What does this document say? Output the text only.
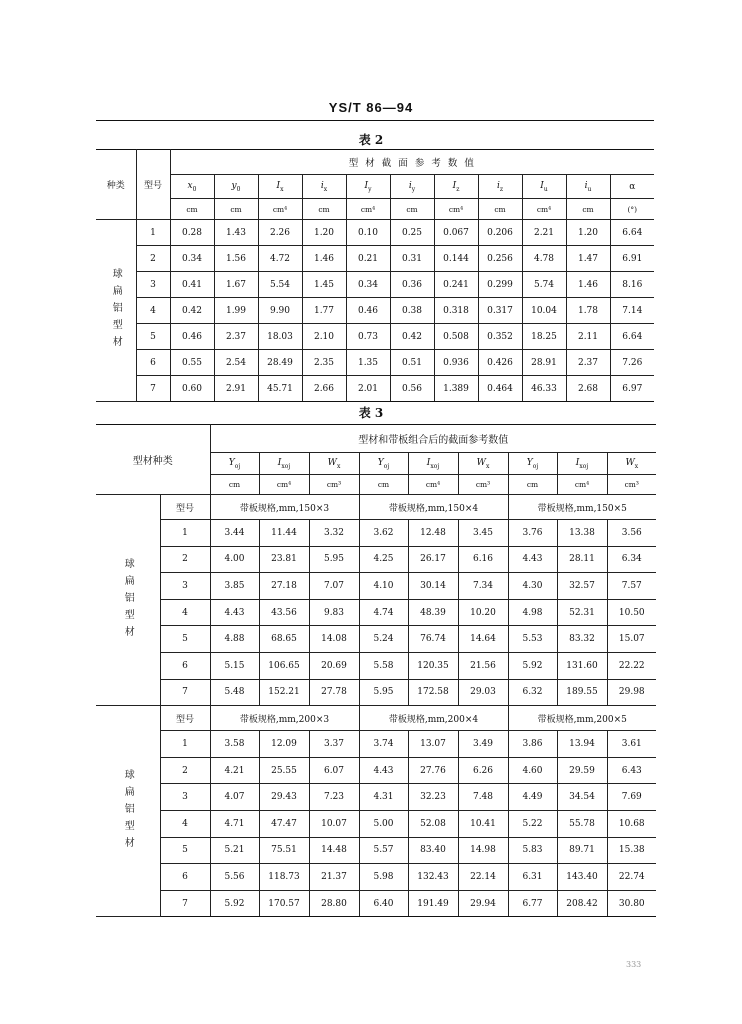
YS/T 86—94
表 2
种类	型号	型 材 截 面 参 考 数 值										
		$x_0$	$y_0$	$I_x$	$i_x$	$I_y$	$i_y$	$I_z$	$i_z$	$I_u$	$i_u$	α
		cm	cm	cm⁴	cm	cm⁴	cm	cm⁴	cm	cm⁴	cm	(°)
球扁铝型材	1	0.28	1.43	2.26	1.20	0.10	0.25	0.067	0.206	2.21	1.20	6.64
	2	0.34	1.56	4.72	1.46	0.21	0.31	0.144	0.256	4.78	1.47	6.91
	3	0.41	1.67	5.54	1.45	0.34	0.36	0.241	0.299	5.74	1.46	8.16
	4	0.42	1.99	9.90	1.77	0.46	0.38	0.318	0.317	10.04	1.78	7.14
	5	0.46	2.37	18.03	2.10	0.73	0.42	0.508	0.352	18.25	2.11	6.64
	6	0.55	2.54	28.49	2.35	1.35	0.51	0.936	0.426	28.91	2.37	7.26
	7	0.60	2.91	45.71	2.66	2.01	0.56	1.389	0.464	46.33	2.68	6.97
表 3
型材种类		型材和带板组合后的截面参考数值								
		$Y_{oj}$	$I_{xoj}$	$W_x$	$Y_{oj}$	$I_{xoj}$	$W_x$	$Y_{oj}$	$I_{xoj}$	$W_x$
		cm	cm⁴	cm³	cm	cm⁴	cm³	cm	cm⁴	cm³
球扁铝型材	型号	带板规格,mm,150×3			带板规格,mm,150×4			带板规格,mm,150×5		
	1	3.44	11.44	3.32	3.62	12.48	3.45	3.76	13.38	3.56
	2	4.00	23.81	5.95	4.25	26.17	6.16	4.43	28.11	6.34
	3	3.85	27.18	7.07	4.10	30.14	7.34	4.30	32.57	7.57
	4	4.43	43.56	9.83	4.74	48.39	10.20	4.98	52.31	10.50
	5	4.88	68.65	14.08	5.24	76.74	14.64	5.53	83.32	15.07
	6	5.15	106.65	20.69	5.58	120.35	21.56	5.92	131.60	22.22
	7	5.48	152.21	27.78	5.95	172.58	29.03	6.32	189.55	29.98
球扁铝型材	型号	带板规格,mm,200×3			带板规格,mm,200×4			带板规格,mm,200×5		
	1	3.58	12.09	3.37	3.74	13.07	3.49	3.86	13.94	3.61
	2	4.21	25.55	6.07	4.43	27.76	6.26	4.60	29.59	6.43
	3	4.07	29.43	7.23	4.31	32.23	7.48	4.49	34.54	7.69
	4	4.71	47.47	10.07	5.00	52.08	10.41	5.22	55.78	10.68
	5	5.21	75.51	14.48	5.57	83.40	14.98	5.83	89.71	15.38
	6	5.56	118.73	21.37	5.98	132.43	22.14	6.31	143.40	22.74
	7	5.92	170.57	28.80	6.40	191.49	29.94	6.77	208.42	30.80
333
